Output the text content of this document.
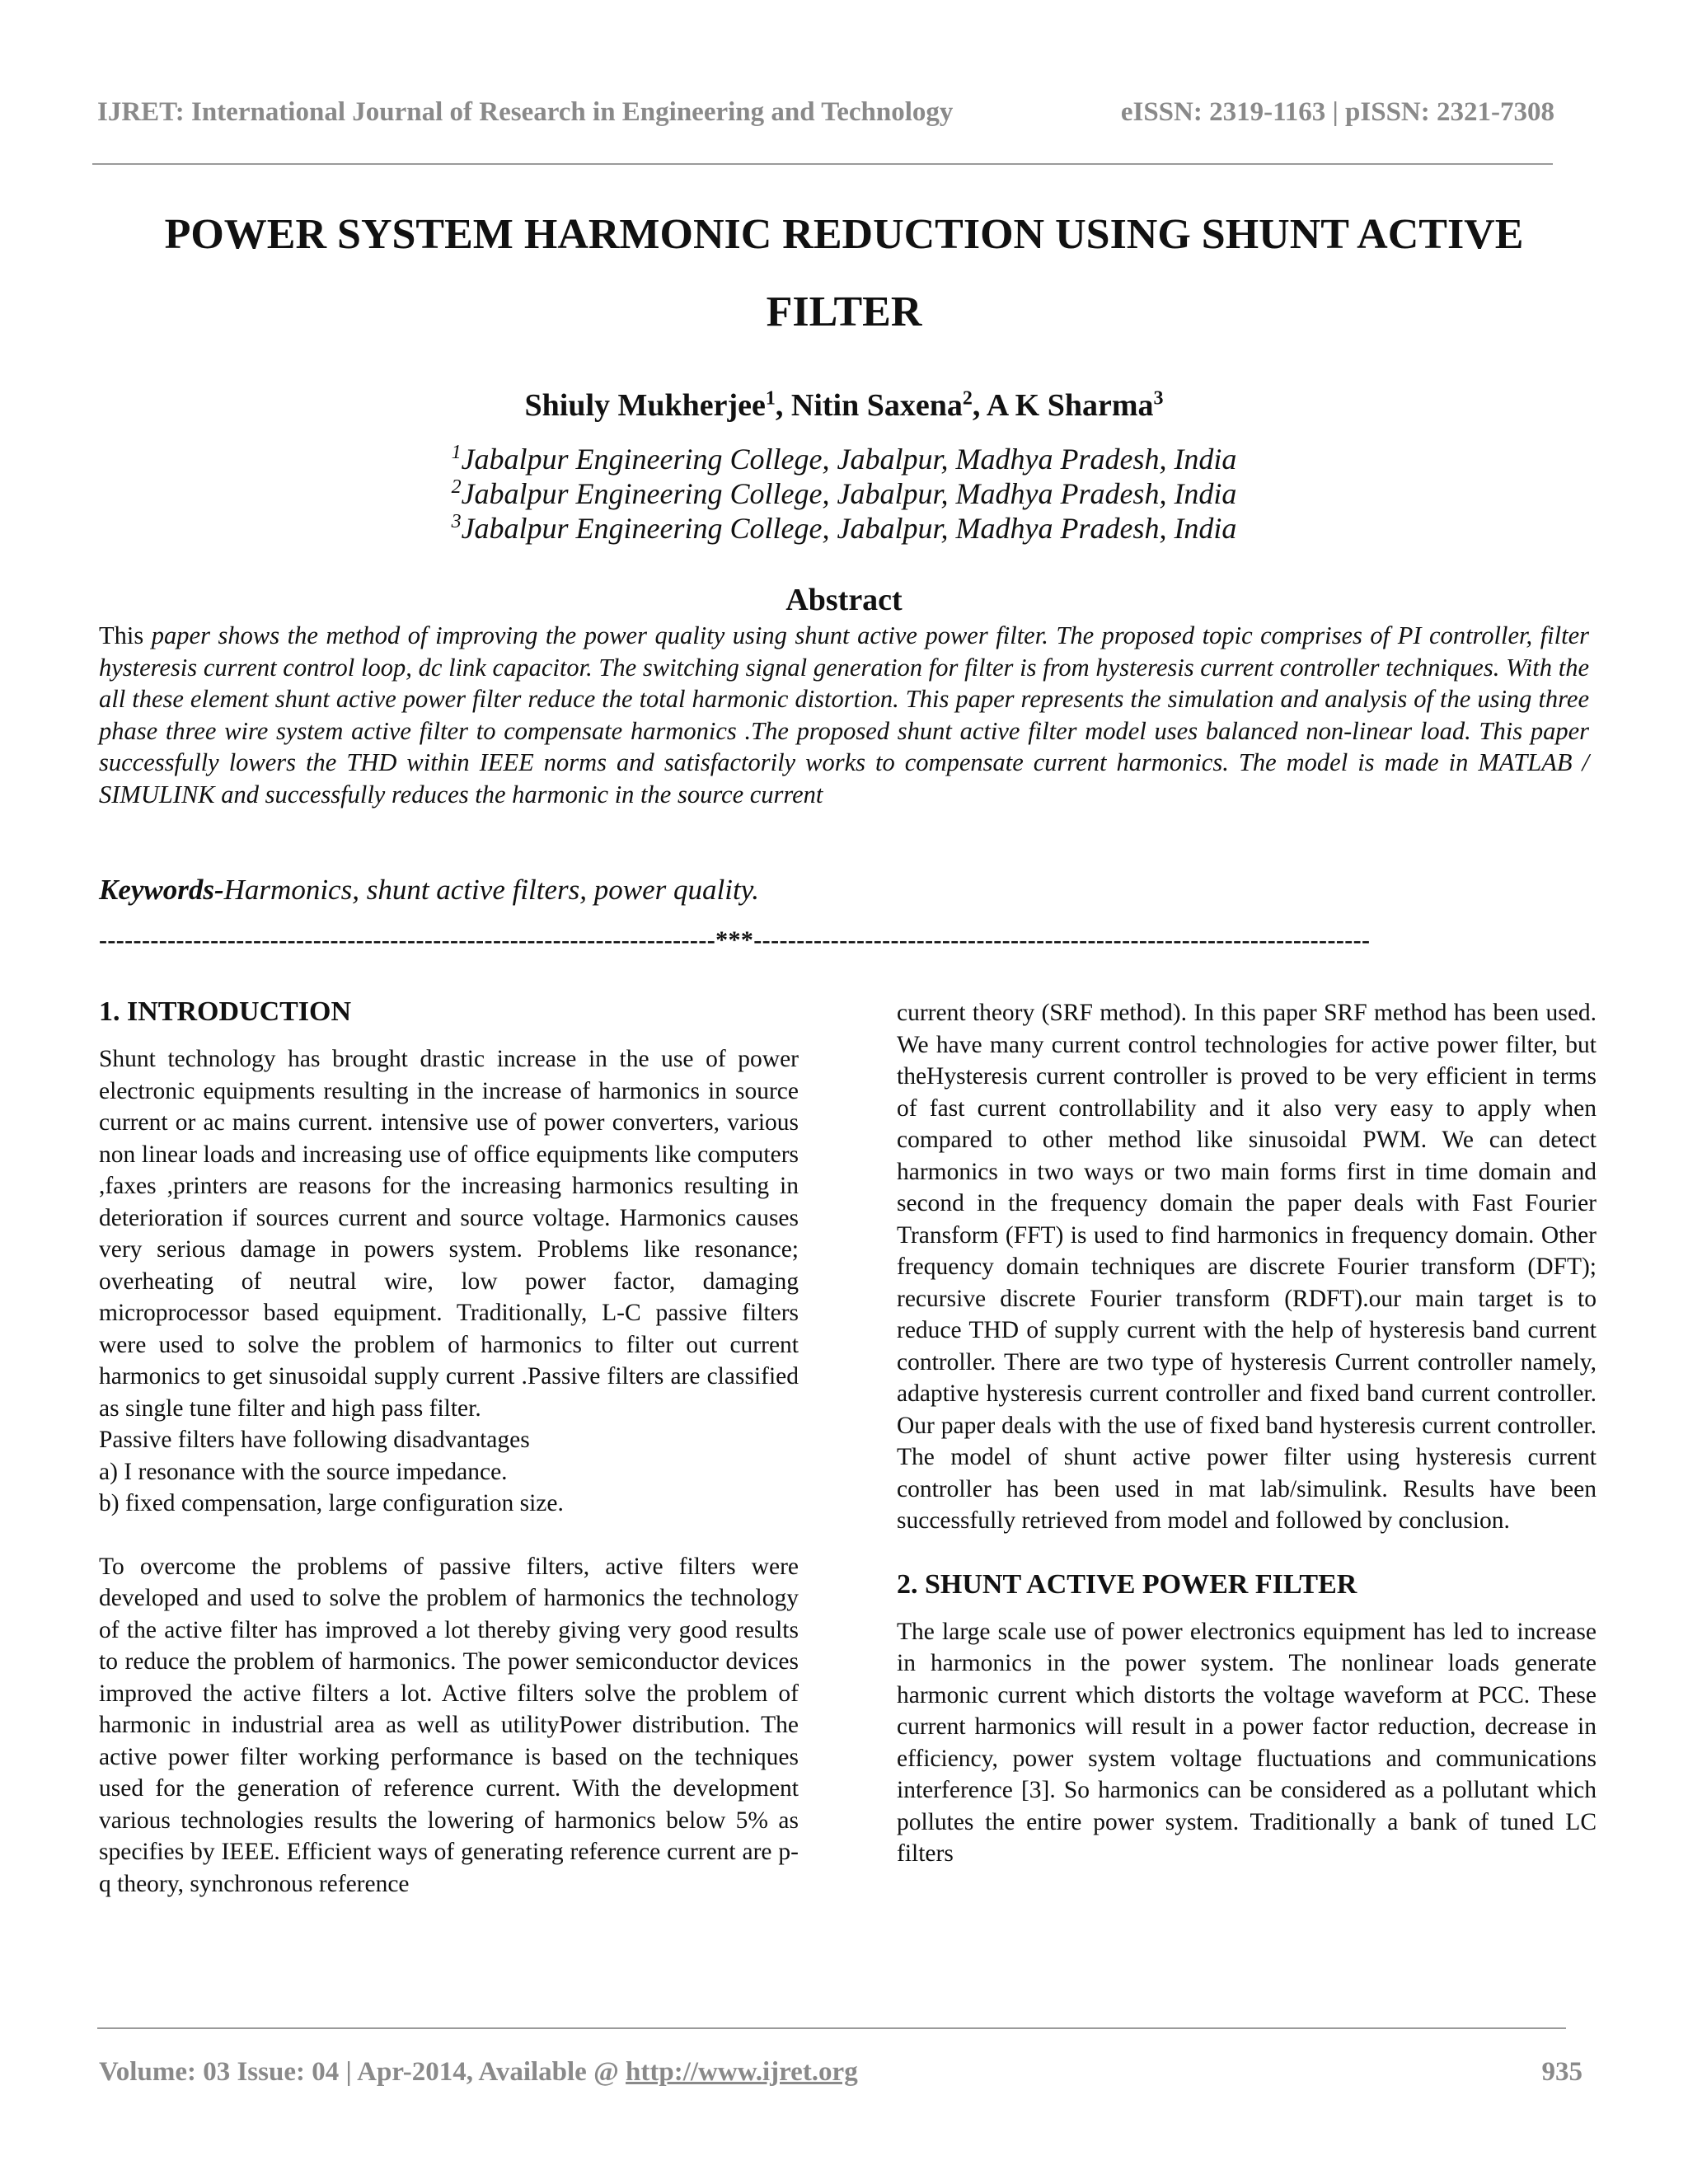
IJRET: International Journal of Research in Engineering and Technology	eISSN: 2319-1163 | pISSN: 2321-7308
POWER SYSTEM HARMONIC REDUCTION USING SHUNT ACTIVE FILTER
Shiuly Mukherjee$^1$, Nitin Saxena$^2$, A K Sharma$^3$
$^1$Jabalpur Engineering College, Jabalpur, Madhya Pradesh, India
$^2$Jabalpur Engineering College, Jabalpur, Madhya Pradesh, India
$^3$Jabalpur Engineering College, Jabalpur, Madhya Pradesh, India
Abstract
This paper shows the method of improving the power quality using shunt active power filter. The proposed topic comprises of PI controller, filter hysteresis current control loop, dc link capacitor. The switching signal generation for filter is from hysteresis current controller techniques. With the all these element shunt active power filter reduce the total harmonic distortion. This paper represents the simulation and analysis of the using three phase three wire system active filter to compensate harmonics .The proposed shunt active filter model uses balanced non-linear load. This paper successfully lowers the THD within IEEE norms and satisfactorily works to compensate current harmonics. The model is made in MATLAB / SIMULINK and successfully reduces the harmonic in the source current
Keywords-Harmonics, shunt active filters, power quality.
------------------------------------------------------------------------***------------------------------------------------------------------------
1. INTRODUCTION

Shunt technology has brought drastic increase in the use of power electronic equipments resulting in the increase of harmonics in source current or ac mains current. intensive use of power converters, various non linear loads and increasing use of office equipments like computers ,faxes ,printers are reasons for the increasing harmonics resulting in deterioration if sources current and source voltage. Harmonics causes very serious damage in powers system. Problems like resonance; overheating of neutral wire, low power factor, damaging microprocessor based equipment. Traditionally, L-C passive filters were used to solve the problem of harmonics to filter out current harmonics to get sinusoidal supply current .Passive filters are classified as single tune filter and high pass filter.

Passive filters have following disadvantages

a) I resonance with the source impedance.

b) fixed compensation, large configuration size.

To overcome the problems of passive filters, active filters were developed and used to solve the problem of harmonics the technology of the active filter has improved a lot thereby giving very good results to reduce the problem of harmonics. The power semiconductor devices improved the active filters a lot. Active filters solve the problem of harmonic in industrial area as well as utilityPower distribution. The active power filter working performance is based on the techniques used for the generation of reference current. With the development various technologies results the lowering of harmonics below 5% as specifies by IEEE. Efficient ways of generating reference current are p-q theory, synchronous reference

current theory (SRF method). In this paper SRF method has been used. We have many current control technologies for active power filter, but theHysteresis current controller is proved to be very efficient in terms of fast current controllability and it also very easy to apply when compared to other method like sinusoidal PWM. We can detect harmonics in two ways or two main forms first in time domain and second in the frequency domain the paper deals with Fast Fourier Transform (FFT) is used to find harmonics in frequency domain. Other frequency domain techniques are discrete Fourier transform (DFT); recursive discrete Fourier transform (RDFT).our main target is to reduce THD of supply current with the help of hysteresis band current controller. There are two type of hysteresis Current controller namely, adaptive hysteresis current controller and fixed band current controller. Our paper deals with the use of fixed band hysteresis current controller. The model of shunt active power filter using hysteresis current controller has been used in mat lab/simulink. Results have been successfully retrieved from model and followed by conclusion.

2. SHUNT ACTIVE POWER FILTER

The large scale use of power electronics equipment has led to increase in harmonics in the power system. The nonlinear loads generate harmonic current which distorts the voltage waveform at PCC. These current harmonics will result in a power factor reduction, decrease in efficiency, power system voltage fluctuations and communications interference [3]. So harmonics can be considered as a pollutant which pollutes the entire power system. Traditionally a bank of tuned LC filters

Volume: 03 Issue: 04 | Apr-2014, Available @ http://www.ijret.org	935
